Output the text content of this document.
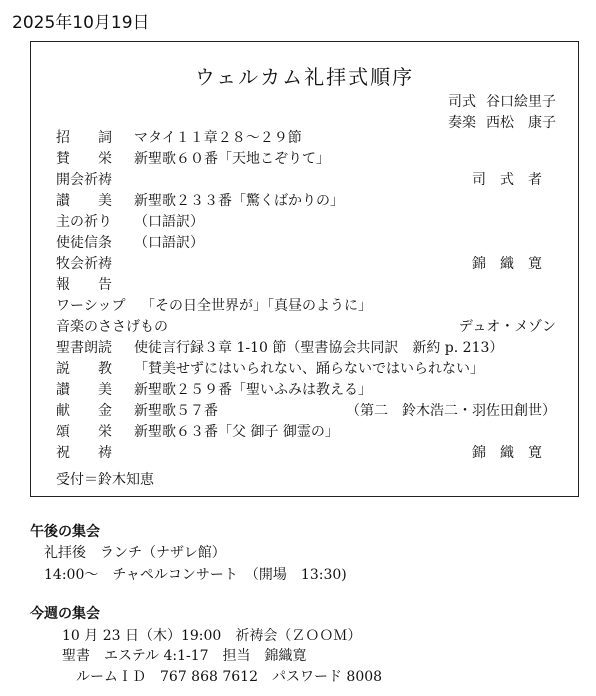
2025年10月19日
ウェルカム礼拝式順序
司式 谷口絵里子
奏楽 西松　康子
招　　詞 マタイ１１章２８～２９節
賛　　栄 新聖歌６０番「天地こぞりて」
開会祈祷	司　式　者
讃　　美 新聖歌２３３番「驚くばかりの」
主の祈り （口語訳）
使徒信条 （口語訳）
牧会祈祷	錦　織　寛
報　　告
ワーシップ 　「その日全世界が」「真昼のように」
音楽のささげもの	デュオ・メゾン
聖書朗読 使徒言行録３章 1-10 節（聖書協会共同訳　新約 p. 213）
説　　教 「賛美せずにはいられない、踊らないではいられない」
讃　　美 新聖歌２５９番「聖いふみは教える」
献　　金 新聖歌５７番	（第二　鈴木浩二・羽佐田創世）
頌　　栄 新聖歌６３番「父 御子 御霊の」
祝　　祷	錦　織　寛
受付＝鈴木知恵
午後の集会
礼拝後　ランチ（ナザレ館）
14:00～　チャペルコンサート　（開場　13:30)
今週の集会
10 月 23 日（木）19:00　祈祷会（ＺＯＯＭ）
聖書　エステル 4:1-17　担当　錦織寛
ルームＩＤ　767 868 7612　パスワード 8008
